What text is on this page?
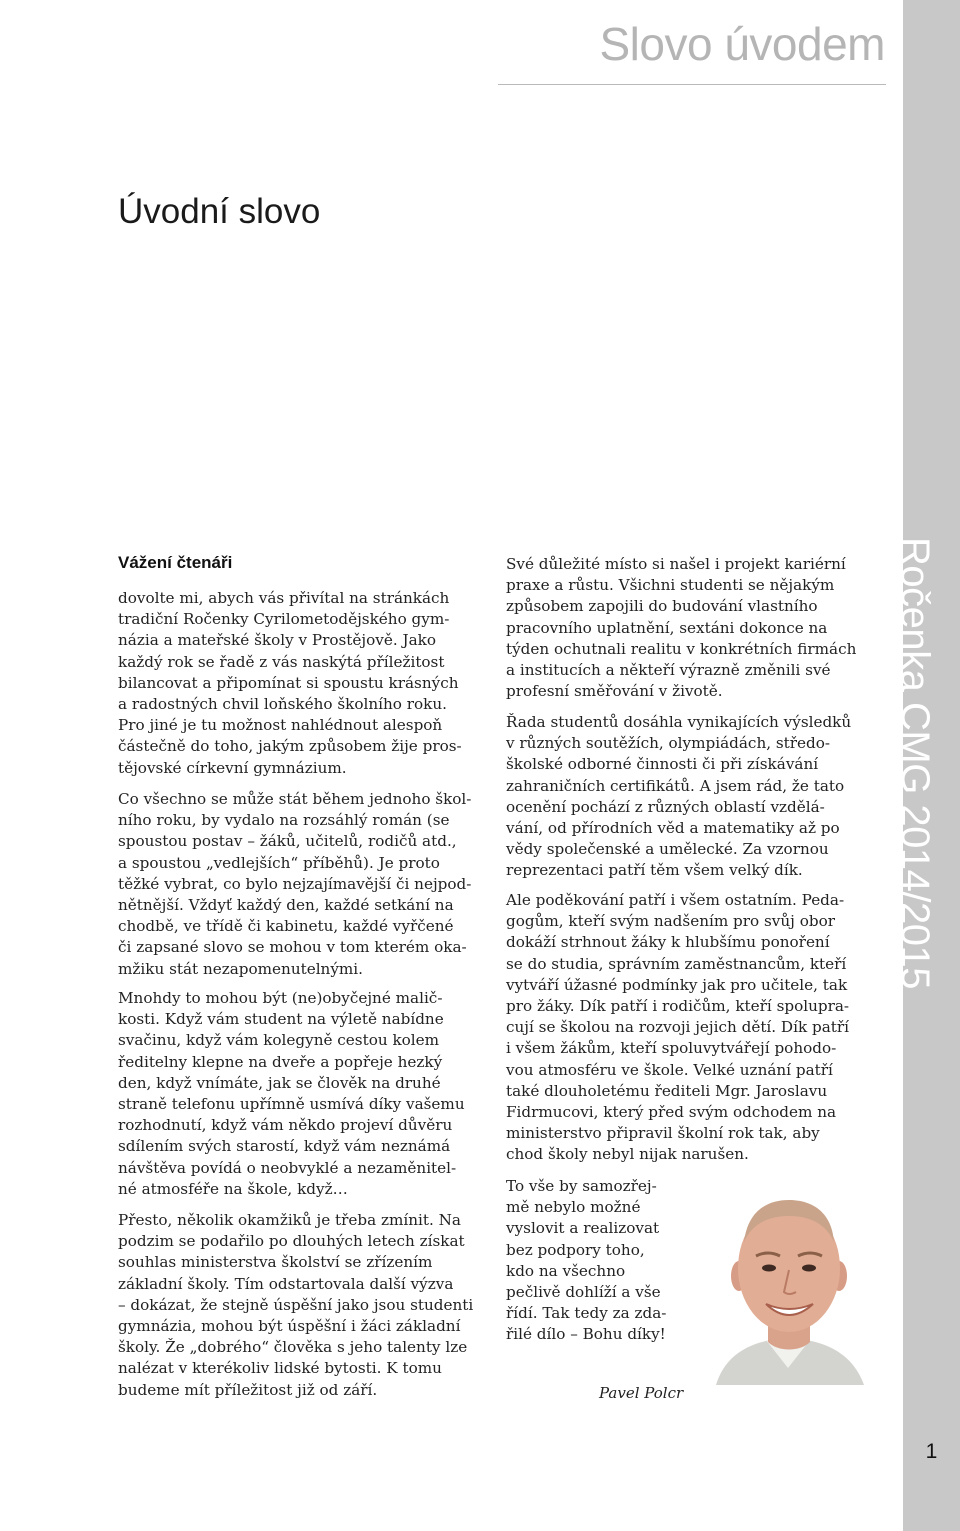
Slovo úvodem
Ročenka CMG 2014/2015
1
Úvodní slovo
Vážení čtenáři

dovolte mi, abych vás přivítal na stránkách
tradiční Ročenky Cyrilometodějského gym-
názia a mateřské školy v Prostějově. Jako
každý rok se řadě z vás naskýtá příležitost
bilancovat a připomínat si spoustu krásných
a radostných chvil loňského školního roku.
Pro jiné je tu možnost nahlédnout alespoň
částečně do toho, jakým způsobem žije pros-
tějovské církevní gymnázium.

Co všechno se může stát během jednoho škol-
ního roku, by vydalo na rozsáhlý román (se
spoustou postav – žáků, učitelů, rodičů atd.,
a spoustou „vedlejších“ příběhů). Je proto
těžké vybrat, co bylo nejzajímavější či nejpod-
nětnější. Vždyť každý den, každé setkání na
chodbě, ve třídě či kabinetu, každé vyřčené
či zapsané slovo se mohou v tom kterém oka-
mžiku stát nezapomenutelnými.

Mnohdy to mohou být (ne)obyčejné malič-
kosti. Když vám student na výletě nabídne
svačinu, když vám kolegyně cestou kolem
ředitelny klepne na dveře a popřeje hezký
den, když vnímáte, jak se člověk na druhé
straně telefonu upřímně usmívá díky vašemu
rozhodnutí, když vám někdo projeví důvěru
sdílením svých starostí, když vám neznámá
návštěva povídá o neobvyklé a nezaměnitel-
né atmosféře na škole, když…

Přesto, několik okamžiků je třeba zmínit. Na
podzim se podařilo po dlouhých letech získat
souhlas ministerstva školství se zřízením
základní školy. Tím odstartovala další výzva
– dokázat, že stejně úspěšní jako jsou studenti
gymnázia, mohou být úspěšní i žáci základní
školy. Že „dobrého“ člověka s jeho talenty lze
nalézat v kterékoliv lidské bytosti. K tomu
budeme mít příležitost již od září.

Své důležité místo si našel i projekt kariérní
praxe a růstu. Všichni studenti se nějakým
způsobem zapojili do budování vlastního
pracovního uplatnění, sextáni dokonce na
týden ochutnali realitu v konkrétních firmách
a institucích a někteří výrazně změnili své
profesní směřování v životě.

Řada studentů dosáhla vynikajících výsledků
v různých soutěžích, olympiádách, středo-
školské odborné činnosti či při získávání
zahraničních certifikátů. A jsem rád, že tato
ocenění pochází z různých oblastí vzdělá-
vání, od přírodních věd a matematiky až po
vědy společenské a umělecké. Za vzornou
reprezentaci patří těm všem velký dík.

Ale poděkování patří i všem ostatním. Peda-
gogům, kteří svým nadšením pro svůj obor
dokáží strhnout žáky k hlubšímu ponoření
se do studia, správním zaměstnancům, kteří
vytváří úžasné podmínky jak pro učitele, tak
pro žáky. Dík patří i rodičům, kteří spolupra-
cují se školou na rozvoji jejich dětí. Dík patří
i všem žákům, kteří spoluvytvářejí pohodo-
vou atmosféru ve škole. Velké uznání patří
také dlouholetému řediteli Mgr. Jaroslavu
Fidrmucovi, který před svým odchodem na
ministerstvo připravil školní rok tak, aby
chod školy nebyl nijak narušen.

To vše by samozřej-
mě nebylo možné
vyslovit a realizovat
bez podpory toho,
kdo na všechno
pečlivě dohlíží a vše
řídí. Tak tedy za zda-
řilé dílo – Bohu díky!

Pavel Polcr
